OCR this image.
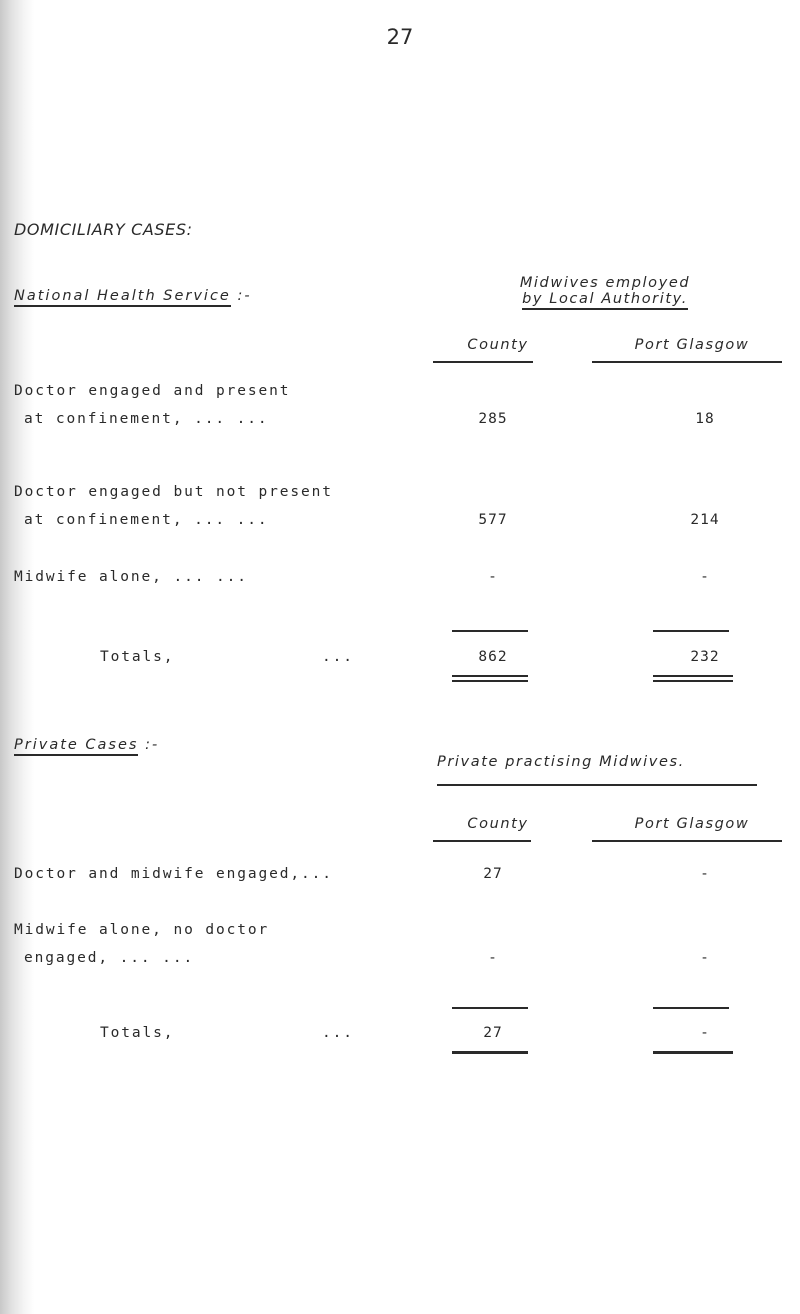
27
DOMICILIARY CASES:
National Health Service :-
Midwives employed
by Local Authority.
County	Port Glasgow
Doctor engaged and present
at confinement, ... ...	285	18
Doctor engaged but not present
at confinement, ... ...	577	214
Midwife alone, ... ...	-	-
Totals,	...	862	232
Private Cases :-
Private practising Midwives.
County	Port Glasgow
Doctor and midwife engaged,...	27	-
Midwife alone, no doctor
engaged, ... ...	-	-
Totals,	...	27	-
